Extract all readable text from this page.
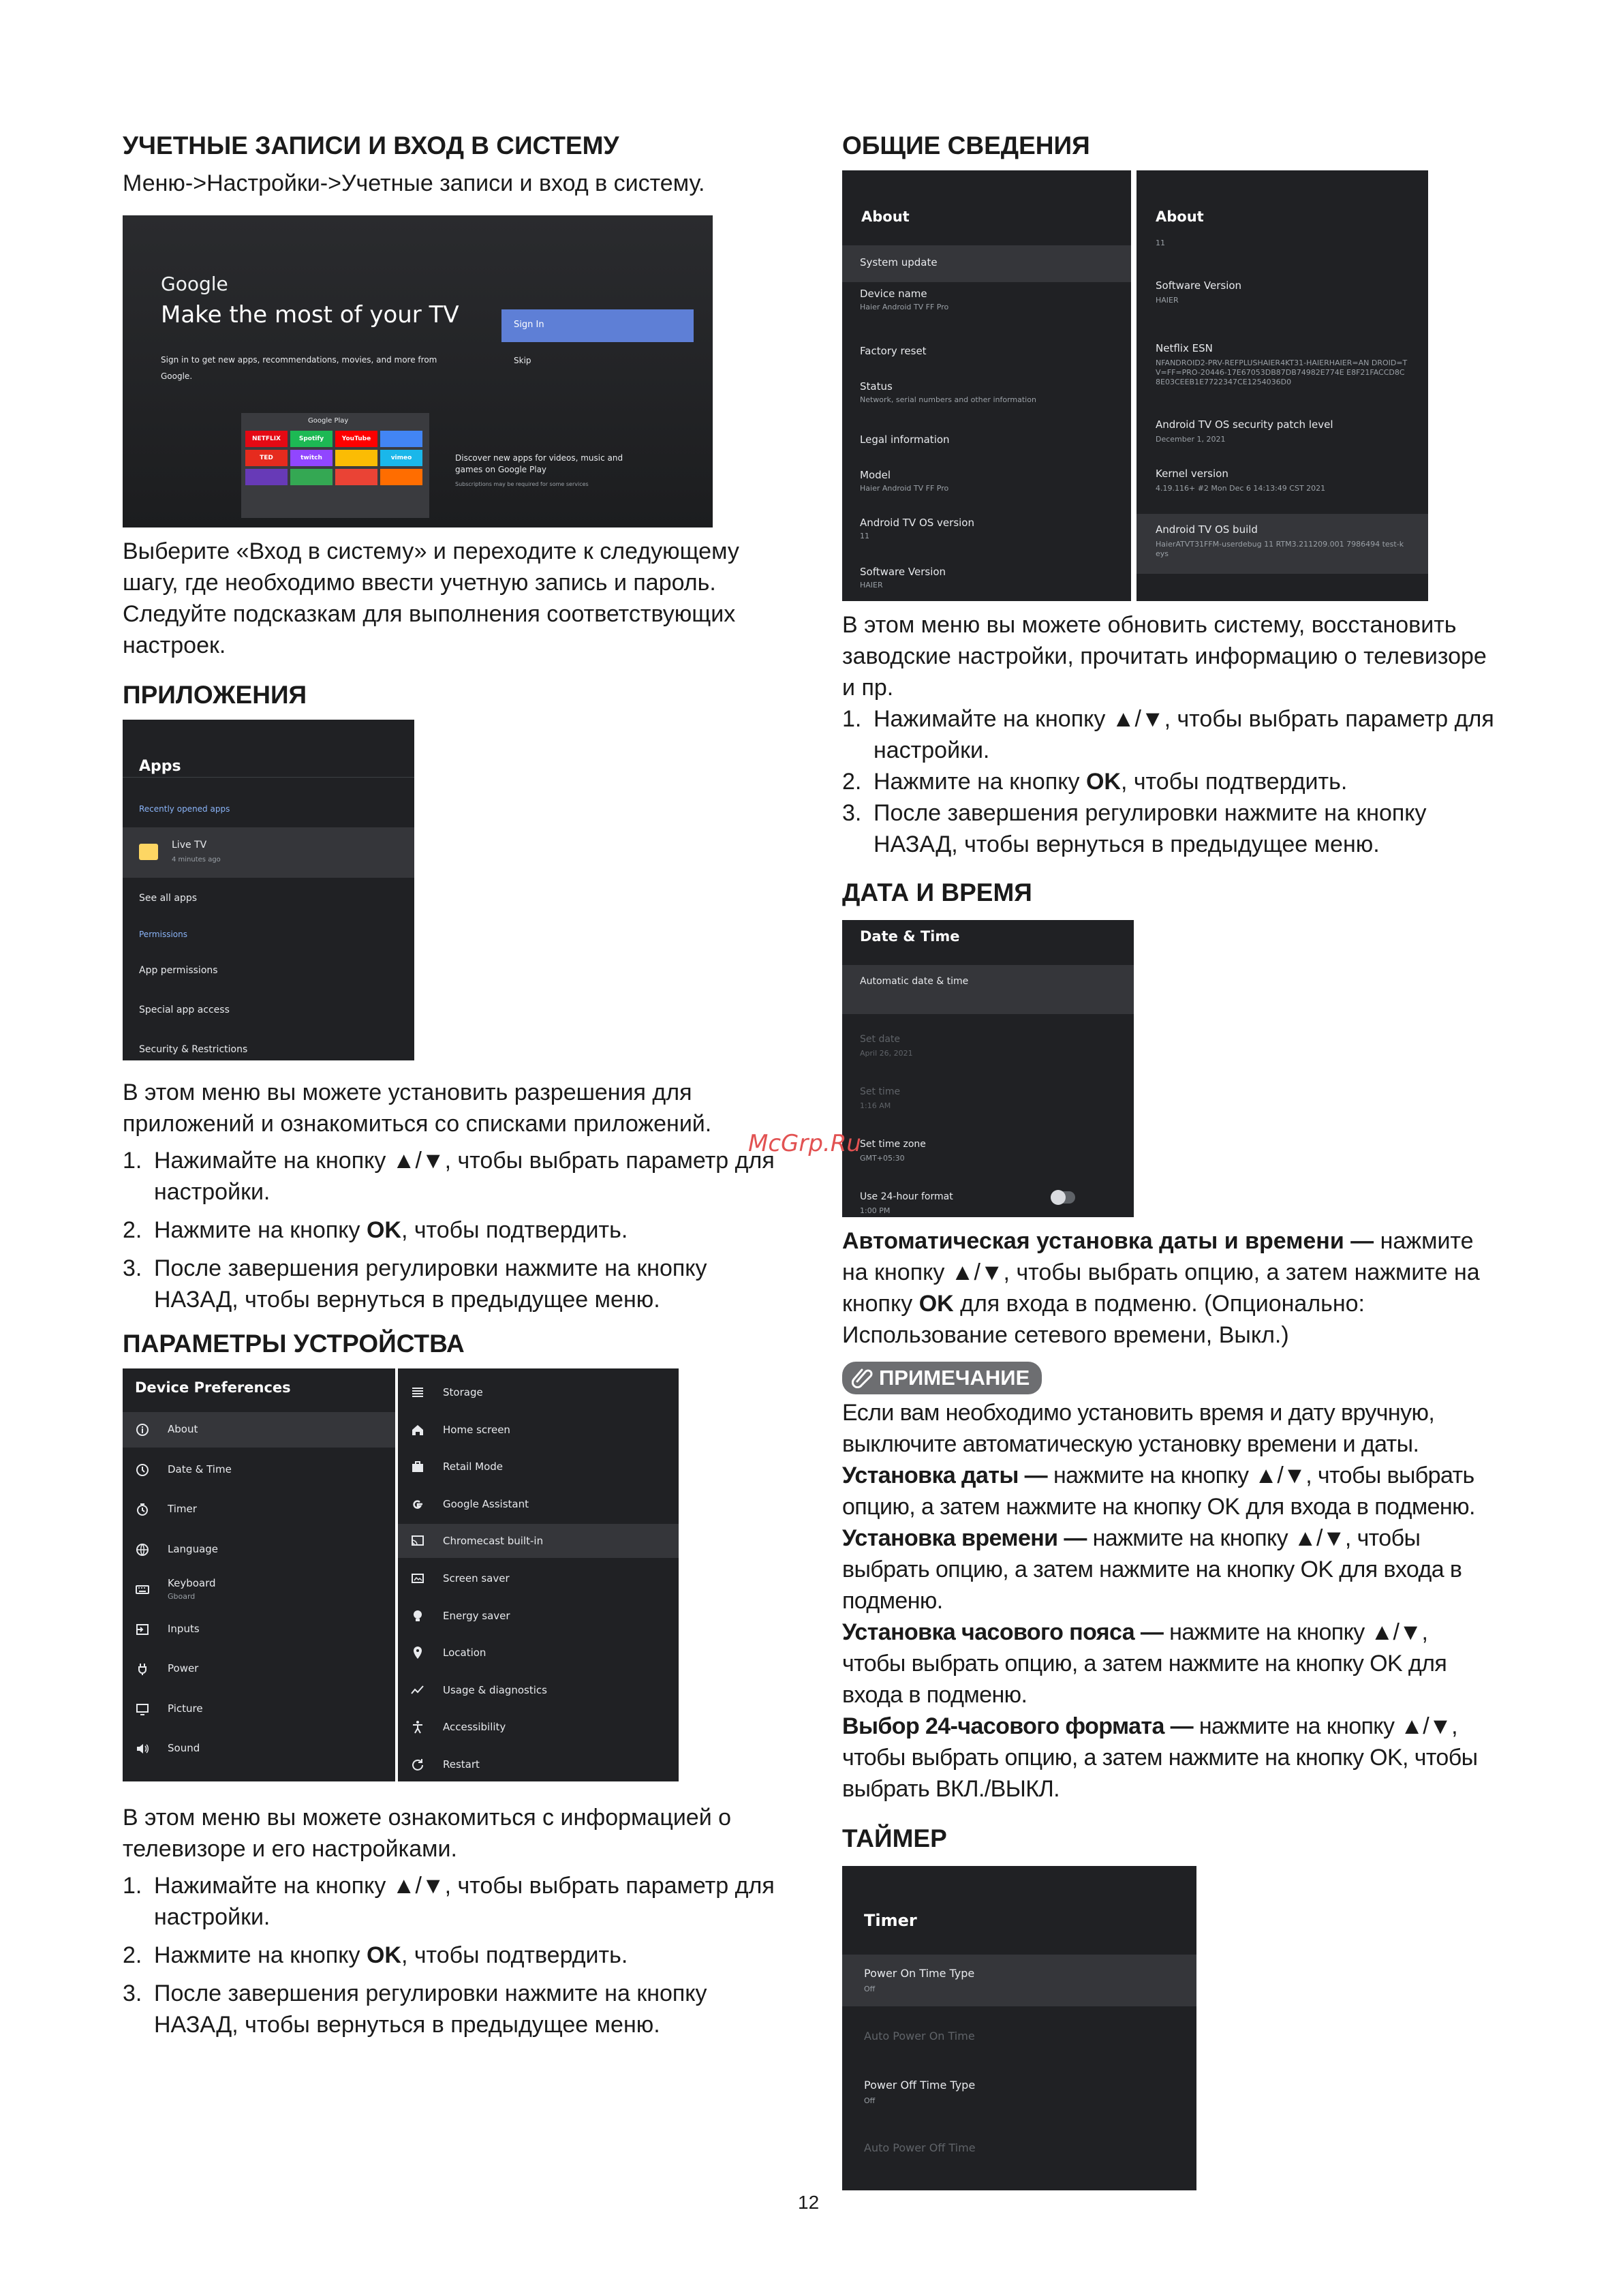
УЧЕТНЫЕ ЗАПИСИ И ВХОД В СИСТЕМУ

Меню->Настройки->Учетные записи и вход в систему.

Google
Make the most of your TV
Sign in to get new apps, recommendations, movies, and more from Google.
Sign In
Skip
Google Play
NETFLIX	Spotify	YouTube
TED	twitch	vimeo	Discover new apps for videos, music and games on Google Play
Subscriptions may be required for some services

Выберите «Вход в систему» и переходите к следующему шагу, где необходимо ввести учетную запись и пароль. Следуйте подсказкам для выполнения соответствующих настроек.

ПРИЛОЖЕНИЯ
Apps
Recently opened apps
Live TV
4 minutes ago
See all apps
Permissions
App permissions
Special app access
Security & Restrictions

В этом меню вы можете установить разрешения для приложений и ознакомиться со списками приложений.

1. Нажимайте на кнопку ▲/▼, чтобы выбрать параметр для настройки.
2. Нажмите на кнопку OK, чтобы подтвердить.
3. После завершения регулировки нажмите на кнопку НАЗАД, чтобы вернуться в предыдущее меню.
ПАРАМЕТРЫ УСТРОЙСТВА
Device Preferences
About
Date & Time
Timer
Language
Keyboard
Gboard
Inputs
Power
Picture
Sound
Storage
Home screen
Retail Mode
Google Assistant
Chromecast built-in
Screen saver
Energy saver
Location
Usage & diagnostics
Accessibility
Restart

В этом меню вы можете ознакомиться с информацией о телевизоре и его настройками.

1. Нажимайте на кнопку ▲/▼, чтобы выбрать параметр для настройки.
2. Нажмите на кнопку OK, чтобы подтвердить.
3. После завершения регулировки нажмите на кнопку НАЗАД, чтобы вернуться в предыдущее меню.
ОБЩИЕ СВЕДЕНИЯ
About
System update
Device name
Haier Android TV FF Pro
Factory reset
Status
Network, serial numbers and other information
Legal information
Model
Haier Android TV FF Pro
Android TV OS version
11
Software Version
HAIER
About
11
Software Version
HAIER
Netflix ESN
NFANDROID2-PRV-REFPLUSHAIER4KT31-HAIERHAIER=AN DROID=TV=FF=PRO-20446-17E67053DB87DB74982E774E E8F21FACCD8C8E03CEEB1E7722347CE1254036D0
Android TV OS security patch level
December 1, 2021
Kernel version
4.19.116+ #2 Mon Dec 6 14:13:49 CST 2021
Android TV OS build
HaierATVT31FFM-userdebug 11 RTM3.211209.001 7986494 test-keys

В этом меню вы можете обновить систему, восстановить заводские настройки, прочитать информацию о телевизоре и пр.

1. Нажимайте на кнопку ▲/▼, чтобы выбрать параметр для настройки.
2. Нажмите на кнопку OK, чтобы подтвердить.
3. После завершения регулировки нажмите на кнопку НАЗАД, чтобы вернуться в предыдущее меню.
ДАТА И ВРЕМЯ
Date & Time
Automatic date & time
Set date
April 26, 2021
Set time
1:16 AM
Set time zone
GMT+05:30
Use 24-hour format
1:00 PM

Автоматическая установка даты и времени — нажмите на кнопку ▲/▼, чтобы выбрать опцию, а затем нажмите на кнопку OK для входа в подменю. (Опционально: Использование сетевого времени, Выкл.)

ПРИМЕЧАНИЕ

Если вам необходимо установить время и дату вручную, выключите автоматическую установку времени и даты.

Установка даты — нажмите на кнопку ▲/▼, чтобы выбрать опцию, а затем нажмите на кнопку OK для входа в подменю.

Установка времени — нажмите на кнопку ▲/▼, чтобы выбрать опцию, а затем нажмите на кнопку OK для входа в подменю.

Установка часового пояса — нажмите на кнопку ▲/▼, чтобы выбрать опцию, а затем нажмите на кнопку OK для входа в подменю.

Выбор 24-часового формата — нажмите на кнопку ▲/▼, чтобы выбрать опцию, а затем нажмите на кнопку OK, чтобы выбрать ВКЛ./ВЫКЛ.

ТАЙМЕР
Timer
Power On Time Type
Off
Auto Power On Time
Power Off Time Type
Off
Auto Power Off Time
McGrp.Ru
12
